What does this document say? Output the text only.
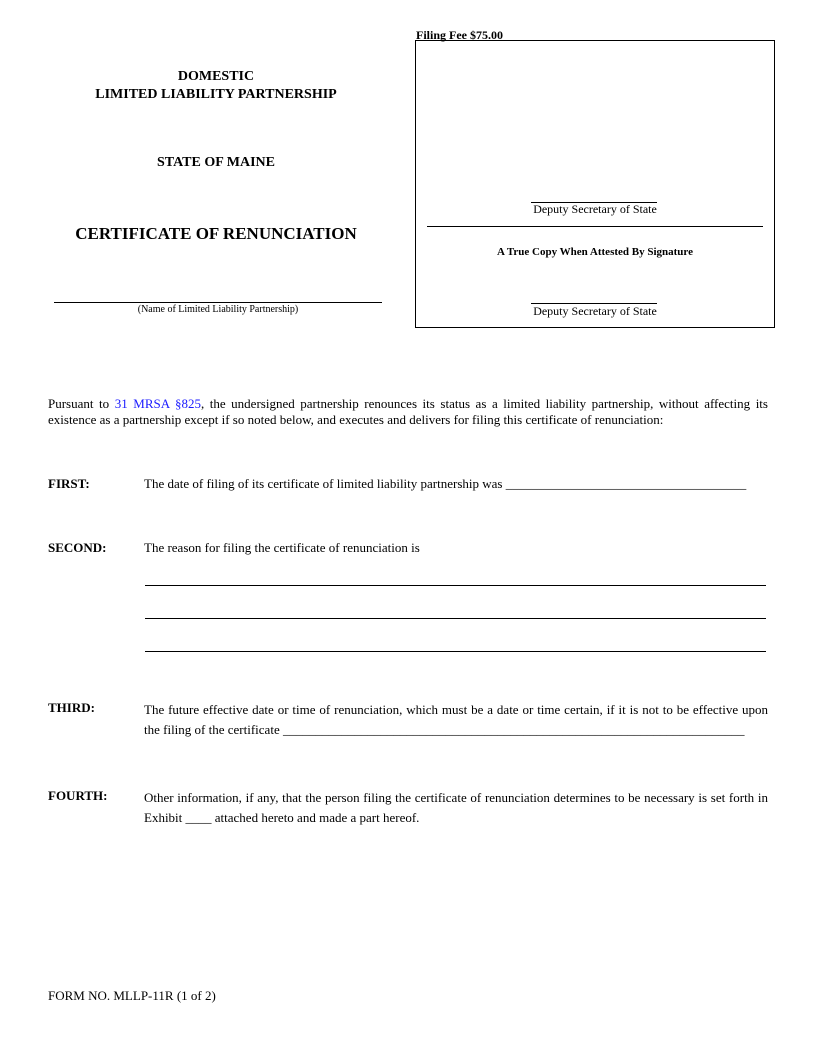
Filing Fee $75.00
DOMESTIC
LIMITED LIABILITY PARTNERSHIP
STATE OF MAINE
CERTIFICATE OF RENUNCIATION
(Name of Limited Liability Partnership)
Deputy Secretary of State
A True Copy When Attested By Signature
Deputy Secretary of State
Pursuant to 31 MRSA §825, the undersigned partnership renounces its status as a limited liability partnership, without affecting its existence as a partnership except if so noted below, and executes and delivers for filing this certificate of renunciation:
FIRST:	The date of filing of its certificate of limited liability partnership was _____________________________________
SECOND:	The reason for filing the certificate of renunciation is
THIRD:	The future effective date or time of renunciation, which must be a date or time certain, if it is not to be effective upon the filing of the certificate _______________________________________________________________________
FOURTH:	Other information, if any, that the person filing the certificate of renunciation determines to be necessary is set forth in Exhibit ____ attached hereto and made a part hereof.
FORM NO. MLLP-11R (1 of 2)
